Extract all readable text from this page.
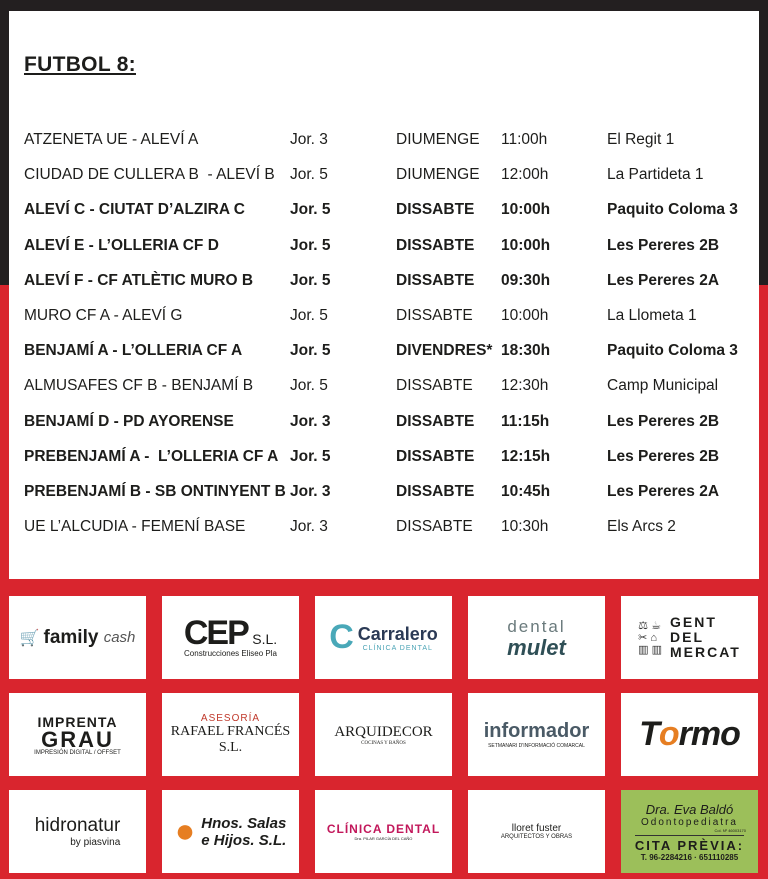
FUTBOL 8:
ATZENETA UE - ALEVÍ A	Jor. 3	DIUMENGE 11:00h	El Regit 1
CIUDAD DE CULLERA B  - ALEVÍ B Jor. 5	DIUMENGE 12:00h	La Partideta 1
ALEVÍ C - CIUTAT D’ALZIRA C	Jor. 5	DISSABTE 10:00h	Paquito Coloma 3
ALEVÍ E - L’OLLERIA CF D	Jor. 5	DISSABTE 10:00h	Les Pereres 2B
ALEVÍ F - CF ATLÈTIC MURO B Jor. 5	DISSABTE 09:30h	Les Pereres 2A
MURO CF A - ALEVÍ G	Jor. 5	DISSABTE 10:00h	La Llometa 1
BENJAMÍ A - L’OLLERIA CF A	Jor. 5	DIVENDRES* 18:30h	Paquito Coloma 3
ALMUSAFES CF B - BENJAMÍ B Jor. 5	DISSABTE 12:30h	Camp Municipal
BENJAMÍ D - PD AYORENSE	Jor. 3	DISSABTE 11:15h	Les Pereres 2B
PREBENJAMÍ A -  L’OLLERIA CF A Jor. 5	DISSABTE 12:15h	Les Pereres 2B
PREBENJAMÍ B - SB ONTINYENT B Jor. 3	DISSABTE 10:45h	Les Pereres 2A
UE L’ALCUDIA - FEMENÍ BASE	Jor. 3	DISSABTE 10:30h	Els Arcs 2
🛒 family
cash CEP S.L.
Construcciones Eliseo Pla C Carralero
CLÍNICA DENTAL
dental
mulet
⚖ ☕
✂ ⌂
▥ ▥
GENT
DEL
MERCAT
IMPRENTA
GRAU
IMPRESIÓN DIGITAL / OFFSET
ASESORÍA
RAFAEL FRANCÉS S.L.
ARQUIDECOR
COCINAS Y BAÑOS
informador
SETMANARI D'INFORMACIÓ COMARCAL T o rmo
hidronatur
by piasvina ● Hnos. Salas
e Hijos. S.L.
CLÍNICA DENTAL
Dra. PILAR GARCÍA DEL CAÑO
lloret fuster
ARQUITECTOS Y OBRAS
Dra. Eva Baldó
Odontopediatra
Col. Nº 46003170
CITA PRÈVIA:
T. 96-2284216 · 651110285
